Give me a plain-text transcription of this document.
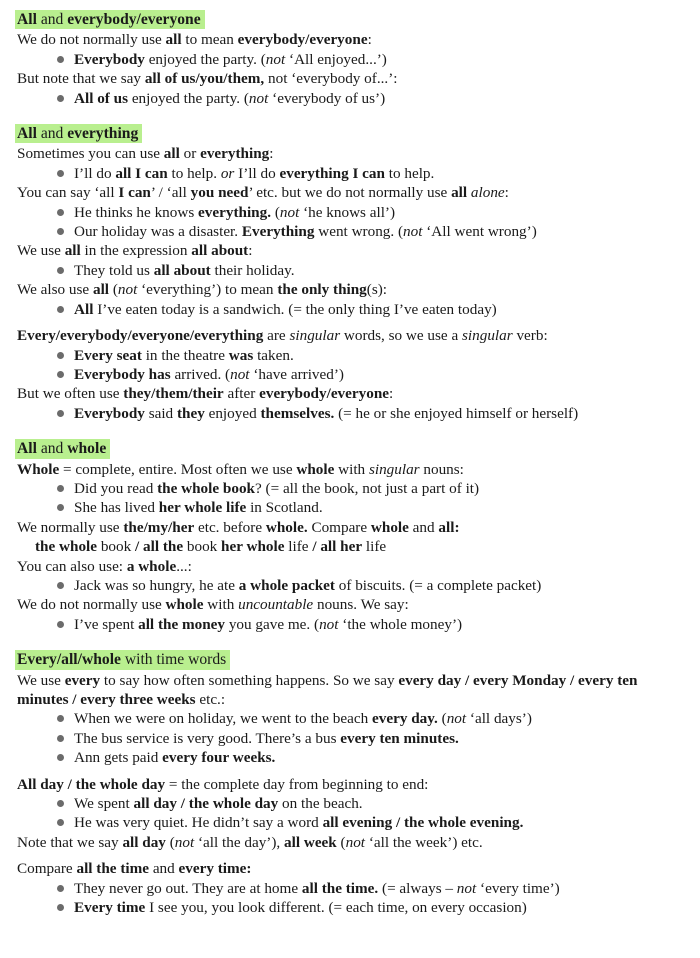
All and everybody/everyone
We do not normally use all to mean everybody/everyone:
Everybody enjoyed the party. (not ‘All enjoyed...’)
But note that we say all of us/you/them, not ‘everybody of...’:
All of us enjoyed the party. (not ‘everybody of us’)
All and everything
Sometimes you can use all or everything:
I’ll do all I can to help. or I’ll do everything I can to help.
You can say ‘all I can’ / ‘all you need’ etc. but we do not normally use all alone:
He thinks he knows everything. (not ‘he knows all’)
Our holiday was a disaster. Everything went wrong. (not ‘All went wrong’)
We use all in the expression all about:
They told us all about their holiday.
We also use all (not ‘everything’) to mean the only thing(s):
All I’ve eaten today is a sandwich. (= the only thing I’ve eaten today)
Every/everybody/everyone/everything are singular words, so we use a singular verb:
Every seat in the theatre was taken.
Everybody has arrived. (not ‘have arrived’)
But we often use they/them/their after everybody/everyone:
Everybody said they enjoyed themselves. (= he or she enjoyed himself or herself)
All and whole
Whole = complete, entire. Most often we use whole with singular nouns:
Did you read the whole book? (= all the book, not just a part of it)
She has lived her whole life in Scotland.
We normally use the/my/her etc. before whole. Compare whole and all:
the whole book / all the book her whole life / all her life
You can also use: a whole...:
Jack was so hungry, he ate a whole packet of biscuits. (= a complete packet)
We do not normally use whole with uncountable nouns. We say:
I’ve spent all the money you gave me. (not ‘the whole money’)
Every/all/whole with time words
We use every to say how often something happens. So we say every day / every Monday / every ten minutes / every three weeks etc.:
When we were on holiday, we went to the beach every day. (not ‘all days’)
The bus service is very good. There’s a bus every ten minutes.
Ann gets paid every four weeks.
All day / the whole day = the complete day from beginning to end:
We spent all day / the whole day on the beach.
He was very quiet. He didn’t say a word all evening / the whole evening.
Note that we say all day (not ‘all the day’), all week (not ‘all the week’) etc.
Compare all the time and every time:
They never go out. They are at home all the time. (= always – not ‘every time’)
Every time I see you, you look different. (= each time, on every occasion)
